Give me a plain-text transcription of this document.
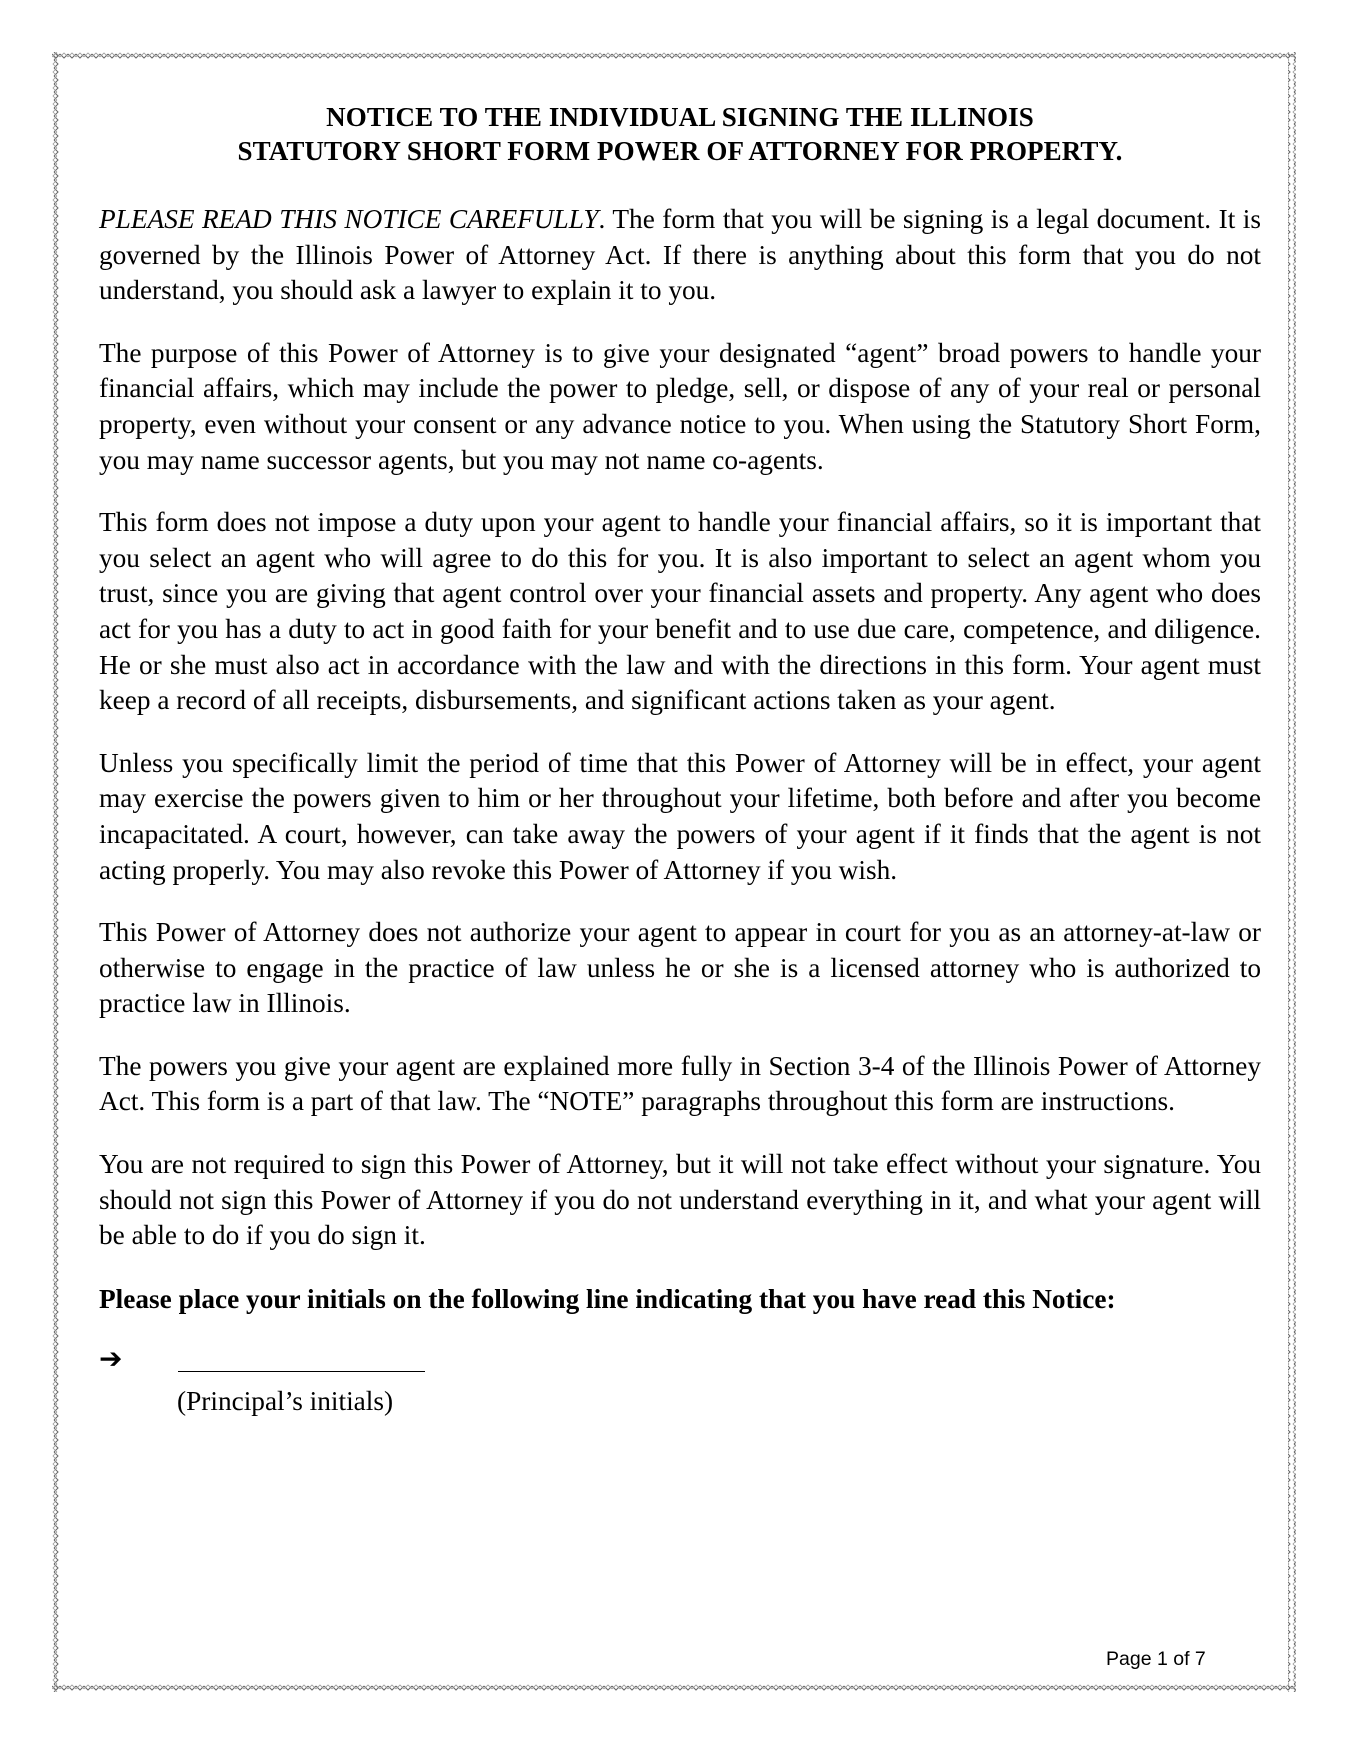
NOTICE TO THE INDIVIDUAL SIGNING THE ILLINOIS
STATUTORY SHORT FORM POWER OF ATTORNEY FOR PROPERTY.

PLEASE READ THIS NOTICE CAREFULLY. The form that you will be signing is a legal document. It is governed by the Illinois Power of Attorney Act. If there is anything about this form that you do not understand, you should ask a lawyer to explain it to you.

The purpose of this Power of Attorney is to give your designated “agent” broad powers to handle your financial affairs, which may include the power to pledge, sell, or dispose of any of your real or personal property, even without your consent or any advance notice to you. When using the Statutory Short Form, you may name successor agents, but you may not name co-agents.

This form does not impose a duty upon your agent to handle your financial affairs, so it is important that you select an agent who will agree to do this for you. It is also important to select an agent whom you trust, since you are giving that agent control over your financial assets and property. Any agent who does act for you has a duty to act in good faith for your benefit and to use due care, competence, and diligence. He or she must also act in accordance with the law and with the directions in this form. Your agent must keep a record of all receipts, disbursements, and significant actions taken as your agent.

Unless you specifically limit the period of time that this Power of Attorney will be in effect, your agent may exercise the powers given to him or her throughout your lifetime, both before and after you become incapacitated. A court, however, can take away the powers of your agent if it finds that the agent is not acting properly. You may also revoke this Power of Attorney if you wish.

This Power of Attorney does not authorize your agent to appear in court for you as an attorney-at-law or otherwise to engage in the practice of law unless he or she is a licensed attorney who is authorized to practice law in Illinois.

The powers you give your agent are explained more fully in Section 3-4 of the Illinois Power of Attorney Act. This form is a part of that law. The “NOTE” paragraphs throughout this form are instructions.

You are not required to sign this Power of Attorney, but it will not take effect without your signature. You should not sign this Power of Attorney if you do not understand everything in it, and what your agent will be able to do if you do sign it.

Please place your initials on the following line indicating that you have read this Notice:

➔
(Principal’s initials)
Page 1 of 7
